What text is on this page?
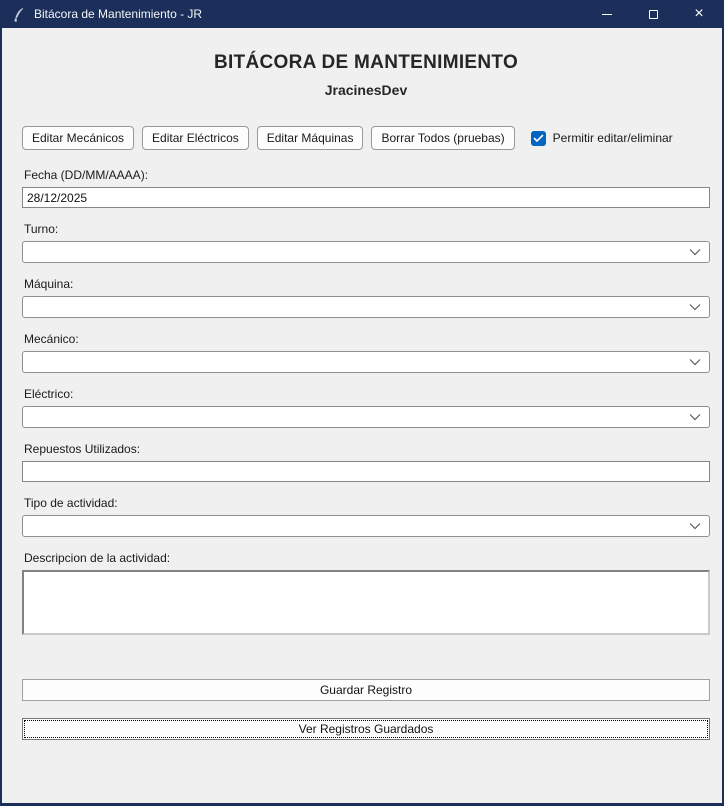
Bitácora de Mantenimiento - JR	×
BITÁCORA DE MANTENIMIENTO
JracinesDev
Editar Mecánicos	Editar Eléctricos	Editar Máquinas	Borrar Todos (pruebas)	Permitir editar/eliminar
Fecha (DD/MM/AAAA):
28/12/2025
Turno:
Máquina:
Mecánico:
Eléctrico:
Repuestos Utilizados:
Tipo de actividad:
Descripcion de la actividad:
Guardar Registro
Ver Registros Guardados
